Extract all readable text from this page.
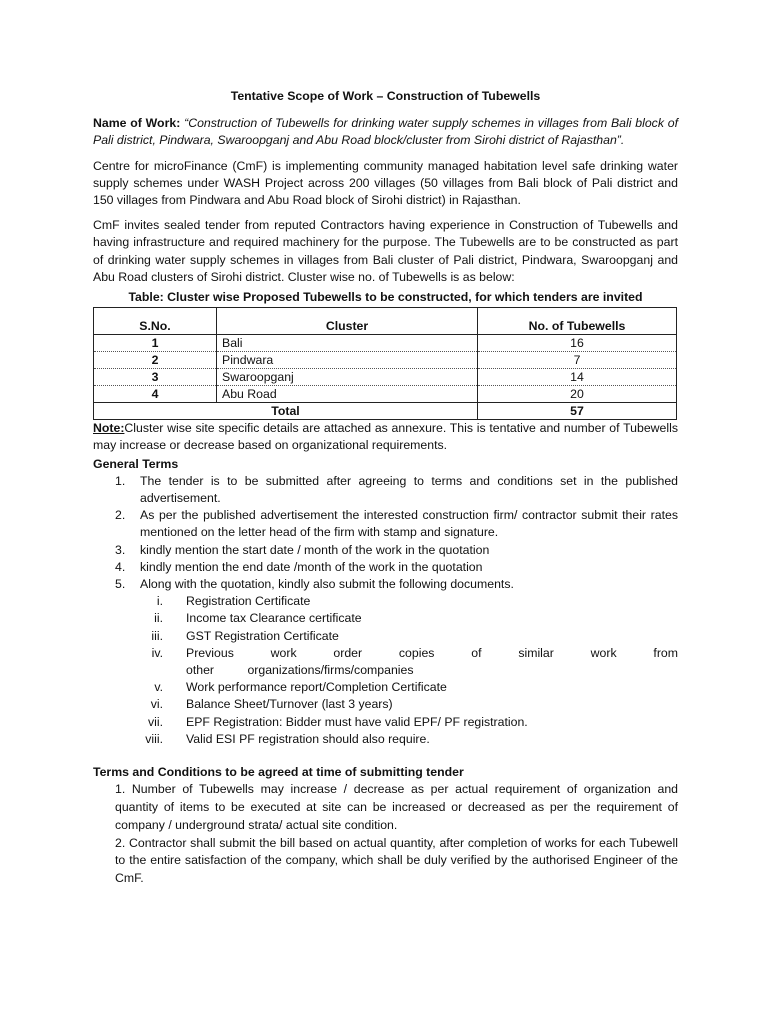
Tentative Scope of Work – Construction of Tubewells

Name of Work: “Construction of Tubewells for drinking water supply schemes in villages from Bali block of Pali district, Pindwara, Swaroopganj and Abu Road block/cluster from Sirohi district of Rajasthan”.

Centre for microFinance (CmF) is implementing community managed habitation level safe drinking water supply schemes under WASH Project across 200 villages (50 villages from Bali block of Pali district and 150 villages from Pindwara and Abu Road block of Sirohi district) in Rajasthan.

CmF invites sealed tender from reputed Contractors having experience in Construction of Tubewells and having infrastructure and required machinery for the purpose. The Tubewells are to be constructed as part of drinking water supply schemes in villages from Bali cluster of Pali district, Pindwara, Swaroopganj and Abu Road clusters of Sirohi district. Cluster wise no. of Tubewells is as below:

Table: Cluster wise Proposed Tubewells to be constructed, for which tenders are invited
S.No.	Cluster	No. of Tubewells
1	Bali	16
2	Pindwara	7
3	Swaroopganj	14
4	Abu Road	20
Total		57
Note:Cluster wise site specific details are attached as annexure. This is tentative and number of Tubewells may increase or decrease based on organizational requirements.
General Terms
1. The tender is to be submitted after agreeing to terms and conditions set in the published advertisement.
2. As per the published advertisement the interested construction firm/ contractor submit their rates mentioned on the letter head of the firm with stamp and signature.
3. kindly mention the start date / month of the work in the quotation
4. kindly mention the end date /month of the work in the quotation
5. Along with the quotation, kindly also submit the following documents.
i. Registration Certificate
ii. Income tax Clearance certificate
iii. GST Registration Certificate
iv. Previous work order copies of similar work from other organizations/firms/companies
v. Work performance report/Completion Certificate
vi. Balance Sheet/Turnover (last 3 years)
vii. EPF Registration: Bidder must have valid EPF/ PF registration.
viii. Valid ESI PF registration should also require.
Terms and Conditions to be agreed at time of submitting tender

1. Number of Tubewells may increase / decrease as per actual requirement of organization and quantity of items to be executed at site can be increased or decreased as per the requirement of company / underground strata/ actual site condition.

2. Contractor shall submit the bill based on actual quantity, after completion of works for each Tubewell to the entire satisfaction of the company, which shall be duly verified by the authorised Engineer of the CmF.
